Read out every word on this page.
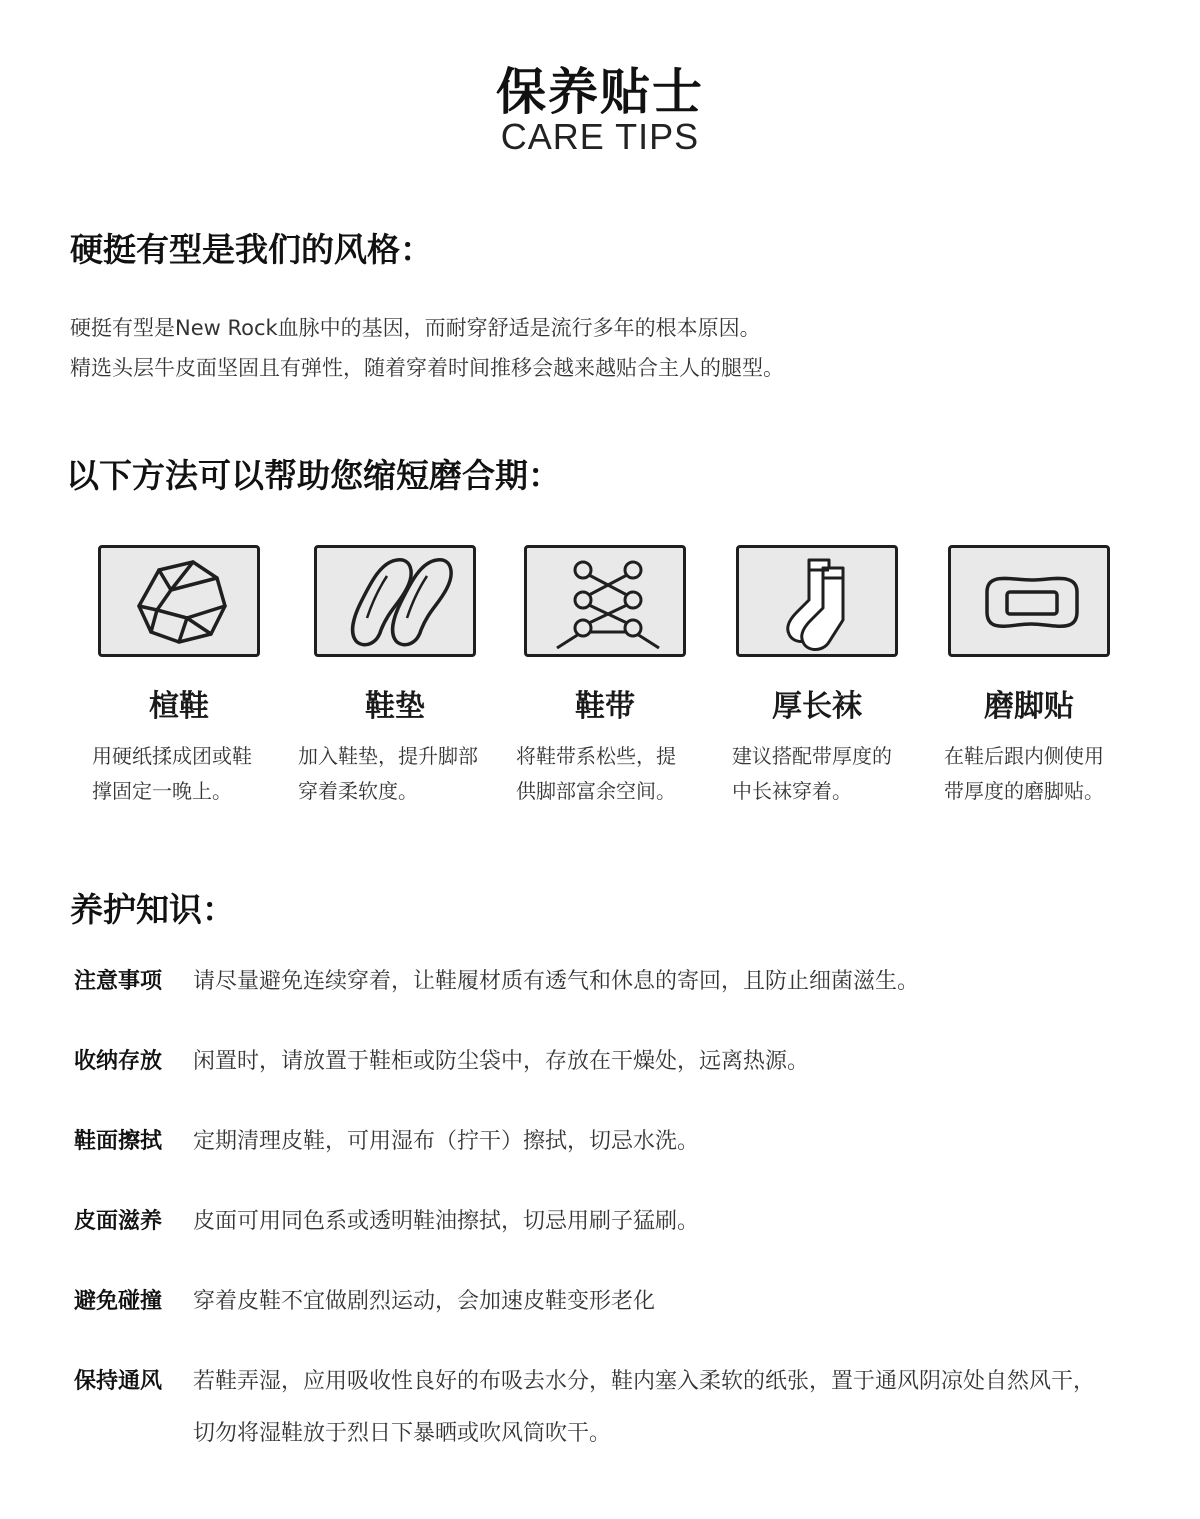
保养贴士
CARE TIPS
硬挺有型是我们的风格：
硬挺有型是New Rock血脉中的基因，而耐穿舒适是流行多年的根本原因。
精选头层牛皮面坚固且有弹性，随着穿着时间推移会越来越贴合主人的腿型。
以下方法可以帮助您缩短磨合期：
楦鞋
用硬纸揉成团或鞋
撑固定一晚上。
鞋垫
加入鞋垫，提升脚部
穿着柔软度。
鞋带
将鞋带系松些，提
供脚部富余空间。
厚长袜
建议搭配带厚度的
中长袜穿着。
磨脚贴
在鞋后跟内侧使用
带厚度的磨脚贴。
养护知识：
注意事项 请尽量避免连续穿着，让鞋履材质有透气和休息的寄回，且防止细菌滋生。
收纳存放 闲置时，请放置于鞋柜或防尘袋中，存放在干燥处，远离热源。
鞋面擦拭 定期清理皮鞋，可用湿布（拧干）擦拭，切忌水洗。
皮面滋养 皮面可用同色系或透明鞋油擦拭，切忌用刷子猛刷。
避免碰撞 穿着皮鞋不宜做剧烈运动，会加速皮鞋变形老化
保持通风 若鞋弄湿，应用吸收性良好的布吸去水分，鞋内塞入柔软的纸张，置于通风阴凉处自然风干，
切勿将湿鞋放于烈日下暴晒或吹风筒吹干。
